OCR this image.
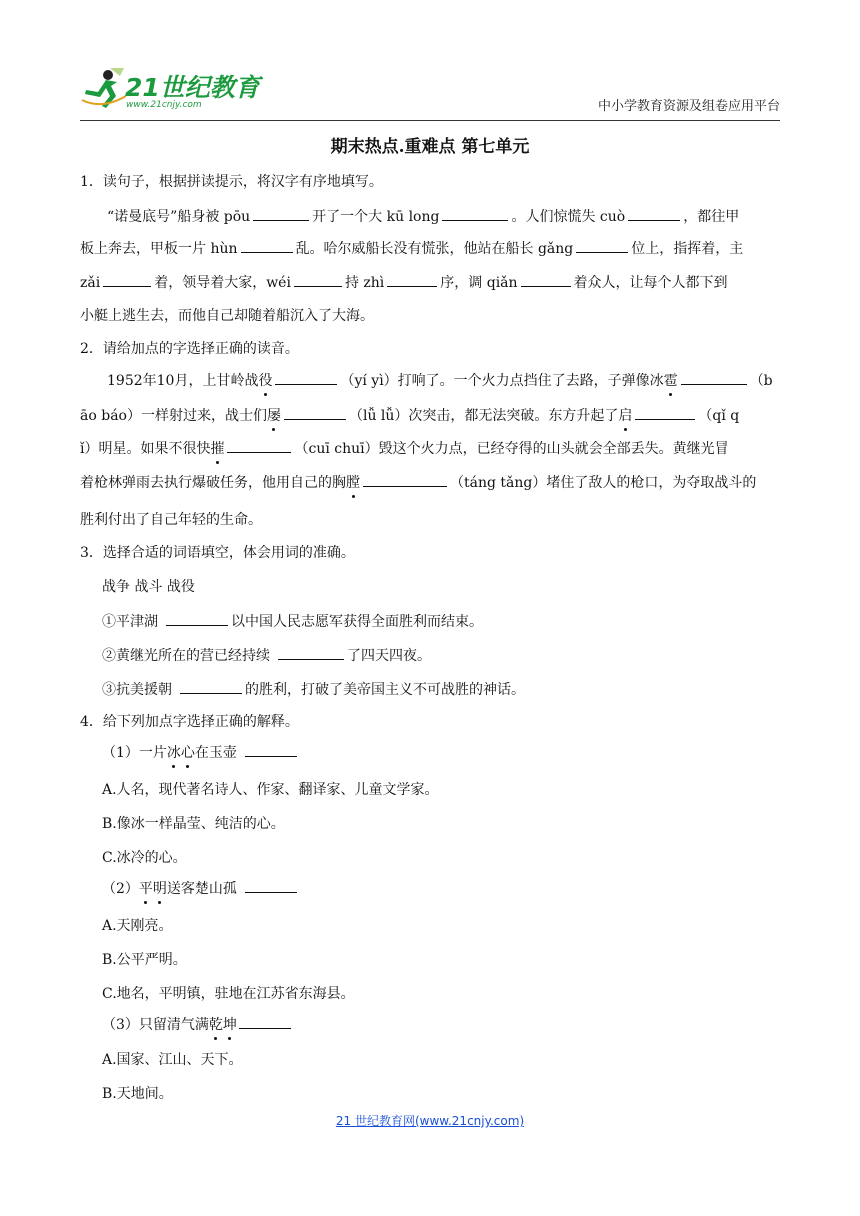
21世纪教育
www.21cnjy.com	中小学教育资源及组卷应用平台
期末热点.重难点 第七单元
1．读句子，根据拼读提示，将汉字有序地填写。
“诺曼底号”船身被 pōu	开了一个大 kū long	。人们惊慌失 cuò	，都往甲
板上奔去，甲板一片 hùn	乱。哈尔威船长没有慌张，他站在船长 gǎng	位上，指挥着，主
zǎi	着，领导着大家，wéi	持 zhì	序，调 qiǎn	着众人，让每个人都下到
小艇上逃生去，而他自己却随着船沉入了大海。
2．请给加点的字选择正确的读音。
1952年10月，上甘岭战役	（yí yì）打响了。一个火力点挡住了去路，子弹像冰雹	（b
āo báo）一样射过来，战士们屡	（lǚ lǚ）次突击，都无法突破。东方升起了启	（qǐ q
ǐ）明星。如果不很快摧	（cuī chuī）毁这个火力点，已经夺得的山头就会全部丢失。黄继光冒
着枪林弹雨去执行爆破任务，他用自己的胸膛	（táng tǎng）堵住了敌人的枪口，为夺取战斗的
胜利付出了自己年轻的生命。
3．选择合适的词语填空，体会用词的准确。
战争 战斗 战役
①平津湖	以中国人民志愿军获得全面胜利而结束。
②黄继光所在的营已经持续	了四天四夜。
③抗美援朝	的胜利，打破了美帝国主义不可战胜的神话。
4．给下列加点字选择正确的解释。
（1）一片冰心在玉壶
A.人名，现代著名诗人、作家、翻译家、儿童文学家。
B.像冰一样晶莹、纯洁的心。
C.冰冷的心。
（2）平明送客楚山孤
A.天刚亮。
B.公平严明。
C.地名，平明镇，驻地在江苏省东海县。
（3）只留清气满乾坤
A.国家、江山、天下。
B.天地间。
21 世纪教育网(www.21cnjy.com)
